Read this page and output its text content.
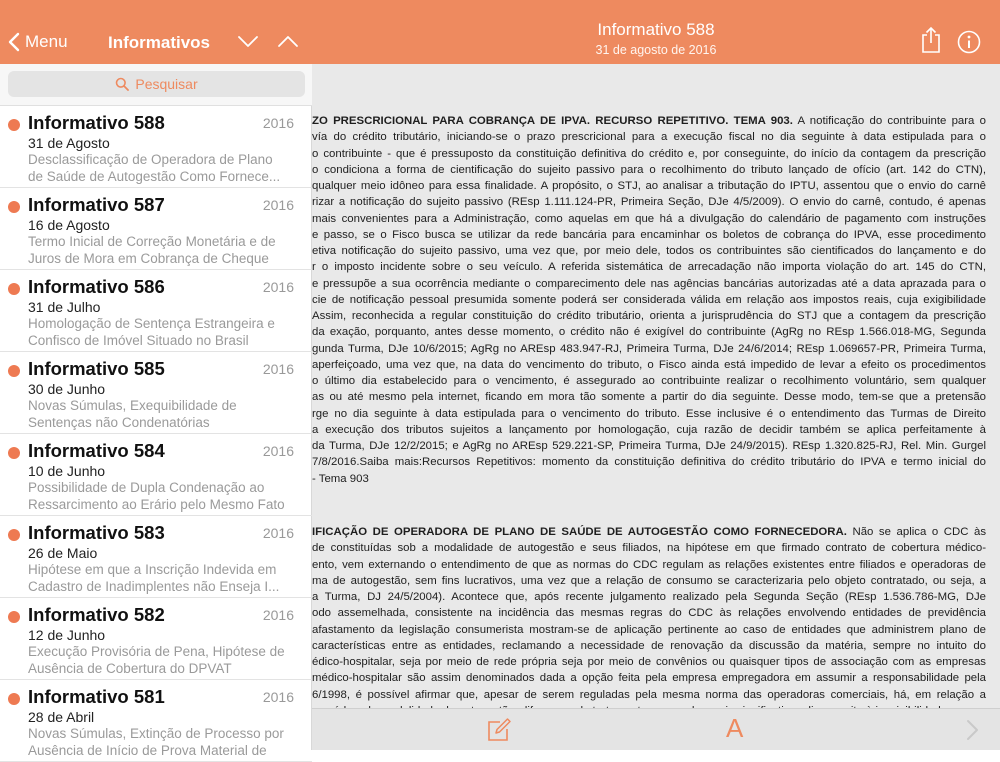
ZO PRESCRICIONAL PARA COBRANÇA DE IPVA. RECURSO REPETITIVO. TEMA 903. A notificação do contribuinte para o
vía do crédito tributário, iniciando-se o prazo prescricional para a execução fiscal no dia seguinte à data estipulada para o
o contribuinte - que é pressuposto da constituição definitiva do crédito e, por conseguinte, do início da contagem da prescrição
o condiciona a forma de cientificação do sujeito passivo para o recolhimento do tributo lançado de ofício (art. 142 do CTN),
qualquer meio idôneo para essa finalidade. A propósito, o STJ, ao analisar a tributação do IPTU, assentou que o envio do carnê
rizar a notificação do sujeito passivo (REsp 1.111.124-PR, Primeira Seção, DJe 4/5/2009). O envio do carnê, contudo, é apenas
mais convenientes para a Administração, como aquelas em que há a divulgação do calendário de pagamento com instruções
e passo, se o Fisco busca se utilizar da rede bancária para encaminhar os boletos de cobrança do IPVA, esse procedimento
etiva notificação do sujeito passivo, uma vez que, por meio dele, todos os contribuintes são cientificados do lançamento e do
r o imposto incidente sobre o seu veículo. A referida sistemática de arrecadação não importa violação do art. 145 do CTN,
e pressupõe a sua ocorrência mediante o comparecimento dele nas agências bancárias autorizadas até a data aprazada para o
cie de notificação pessoal presumida somente poderá ser considerada válida em relação aos impostos reais, cuja exigibilidade
Assim, reconhecida a regular constituição do crédito tributário, orienta a jurisprudência do STJ que a contagem da prescrição
da exação, porquanto, antes desse momento, o crédito não é exigível do contribuinte (AgRg no REsp 1.566.018-MG, Segunda
gunda Turma, DJe 10/6/2015; AgRg no AREsp 483.947-RJ, Primeira Turma, DJe 24/6/2014; REsp 1.069657-PR, Primeira Turma,
aperfeiçoado, uma vez que, na data do vencimento do tributo, o Fisco ainda está impedido de levar a efeito os procedimentos
o último dia estabelecido para o vencimento, é assegurado ao contribuinte realizar o recolhimento voluntário, sem qualquer
as ou até mesmo pela internet, ficando em mora tão somente a partir do dia seguinte. Desse modo, tem-se que a pretensão
rge no dia seguinte à data estipulada para o vencimento do tributo. Esse inclusive é o entendimento das Turmas de Direito
a execução dos tributos sujeitos a lançamento por homologação, cuja razão de decidir também se aplica perfeitamente à
da Turma, DJe 12/2/2015; e AgRg no AREsp 529.221-SP, Primeira Turma, DJe 24/9/2015). REsp 1.320.825-RJ, Rel. Min. Gurgel
7/8/2016.Saiba mais:Recursos Repetitivos: momento da constituição definitiva do crédito tributário do IPVA e termo inicial do
- Tema 903
IFICAÇÃO DE OPERADORA DE PLANO DE SAÚDE DE AUTOGESTÃO COMO FORNECEDORA. Não se aplica o CDC às
de constituídas sob a modalidade de autogestão e seus filiados, na hipótese em que firmado contrato de cobertura médico-
ento, vem externando o entendimento de que as normas do CDC regulam as relações existentes entre filiados e operadoras de
ma de autogestão, sem fins lucrativos, uma vez que a relação de consumo se caracterizaria pelo objeto contratado, ou seja, a
a Turma, DJ 24/5/2004). Acontece que, após recente julgamento realizado pela Segunda Seção (REsp 1.536.786-MG, DJe
odo assemelhada, consistente na incidência das mesmas regras do CDC às relações envolvendo entidades de previdência
afastamento da legislação consumerista mostram-se de aplicação pertinente ao caso de entidades que administrem plano de
características entre as entidades, reclamando a necessidade de renovação da discussão da matéria, sempre no intuito do
édico-hospitalar, seja por meio de rede própria seja por meio de convênios ou quaisquer tipos de associação com as empresas
médico-hospitalar são assim denominados dada a opção feita pela empresa empregadora em assumir a responsabilidade pela
6/1998, é possível afirmar que, apesar de serem reguladas pela mesma norma das operadoras comerciais, há, em relação a
Informativo 588
31 de agosto de 2016
Menu Informativos
Pesquisar
Informativo 588	2016
31 de Agosto
Desclassificação de Operadora de Plano
de Saúde de Autogestão Como Fornece...
Informativo 587	2016
16 de Agosto
Termo Inicial de Correção Monetária e de
Juros de Mora em Cobrança de Cheque
Informativo 586	2016
31 de Julho
Homologação de Sentença Estrangeira e
Confisco de Imóvel Situado no Brasil
Informativo 585	2016
30 de Junho
Novas Súmulas, Exequibilidade de
Sentenças não Condenatórias
Informativo 584	2016
10 de Junho
Possibilidade de Dupla Condenação ao
Ressarcimento ao Erário pelo Mesmo Fato
Informativo 583	2016
26 de Maio
Hipótese em que a Inscrição Indevida em
Cadastro de Inadimplentes não Enseja I...
Informativo 582	2016
12 de Junho
Execução Provisória de Pena, Hipótese de
Ausência de Cobertura do DPVAT
Informativo 581	2016
28 de Abril
Novas Súmulas, Extinção de Processo por
Ausência de Início de Prova Material de
A
